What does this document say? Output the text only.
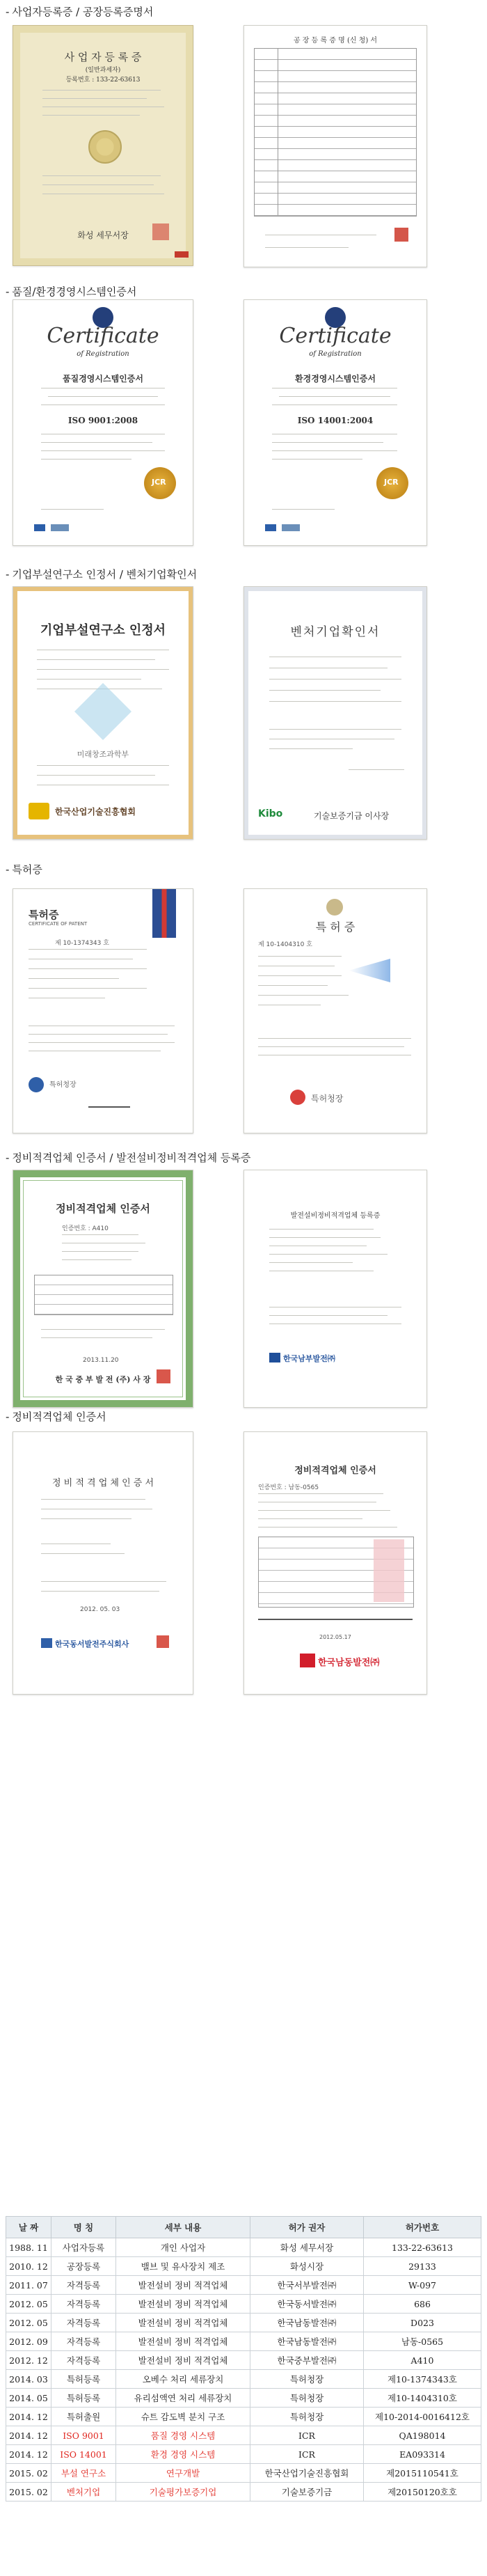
- 사업자등록증 / 공장등록증명서
사 업 자 등 록 증
(일반과세자)
등록번호 : 133-22-63613
화성 세무서장
공 장 등 록 증 명 (신 청) 서
- 품질/환경경영시스템인증서
Certificate
of Registration
품질경영시스템인증서
ISO 9001:2008
JCR
Certificate
of Registration
환경경영시스템인증서
ISO 14001:2004
JCR
- 기업부설연구소 인정서 / 벤처기업확인서
기업부설연구소 인정서
미래창조과학부
한국산업기술진흥협회
벤처기업확인서
Kibo	기술보증기금 이사장
- 특허증
특허증
CERTIFICATE OF PATENT
제 10-1374343 호
특허청장
특 허 증
제 10-1404310 호
특허청장
- 정비적격업체 인증서 / 발전설비정비적격업체 등록증
정비적격업체 인증서
인증번호 : A410
2013.11.20
한 국 중 부 발 전 (주) 사 장
발전설비정비적격업체 등록증
한국남부발전㈜
- 정비적격업체 인증서
정 비 적 격 업 체 인 증 서
2012. 05. 03
한국동서발전주식회사
정비적격업체 인증서
인증번호 : 남동-0565
2012.05.17
한국남동발전㈜
날 짜	명 칭	세부 내용	허가 권자	허가번호
1988. 11	사업자등록	개인 사업자	화성 세무서장	133-22-63613
2010. 12	공장등록	밸브 및 유사장치 제조	화성시장	29133
2011. 07	자격등록	발전설비 정비 적격업체	한국서부발전㈜	W-097
2012. 05	자격등록	발전설비 정비 적격업체	한국동서발전㈜	686
2012. 05	자격등록	발전설비 정비 적격업체	한국남동발전㈜	D023
2012. 09	자격등록	발전설비 정비 적격업체	한국남동발전㈜	남동-0565
2012. 12	자격등록	발전설비 정비 적격업체	한국중부발전㈜	A410
2014. 03	특허등록	오베수 처리 세류장치	특허청장	제10-1374343호
2014. 05	특허등록	유리섬액연 처리 세류장치	특허청장	제10-1404310호
2014. 12	특허출원	슈트 감도벽 분치 구조	특허청장	제10-2014-0016412호
2014. 12	ISO 9001	품질 경영 시스템	ICR	QA198014
2014. 12	ISO 14001	환경 경영 시스템	ICR	EA093314
2015. 02	부설 연구소	연구개발	한국산업기술진흥협회	제2015110541호
2015. 02	벤처기업	기술평가보증기업	기술보증기금	제20150120호호
